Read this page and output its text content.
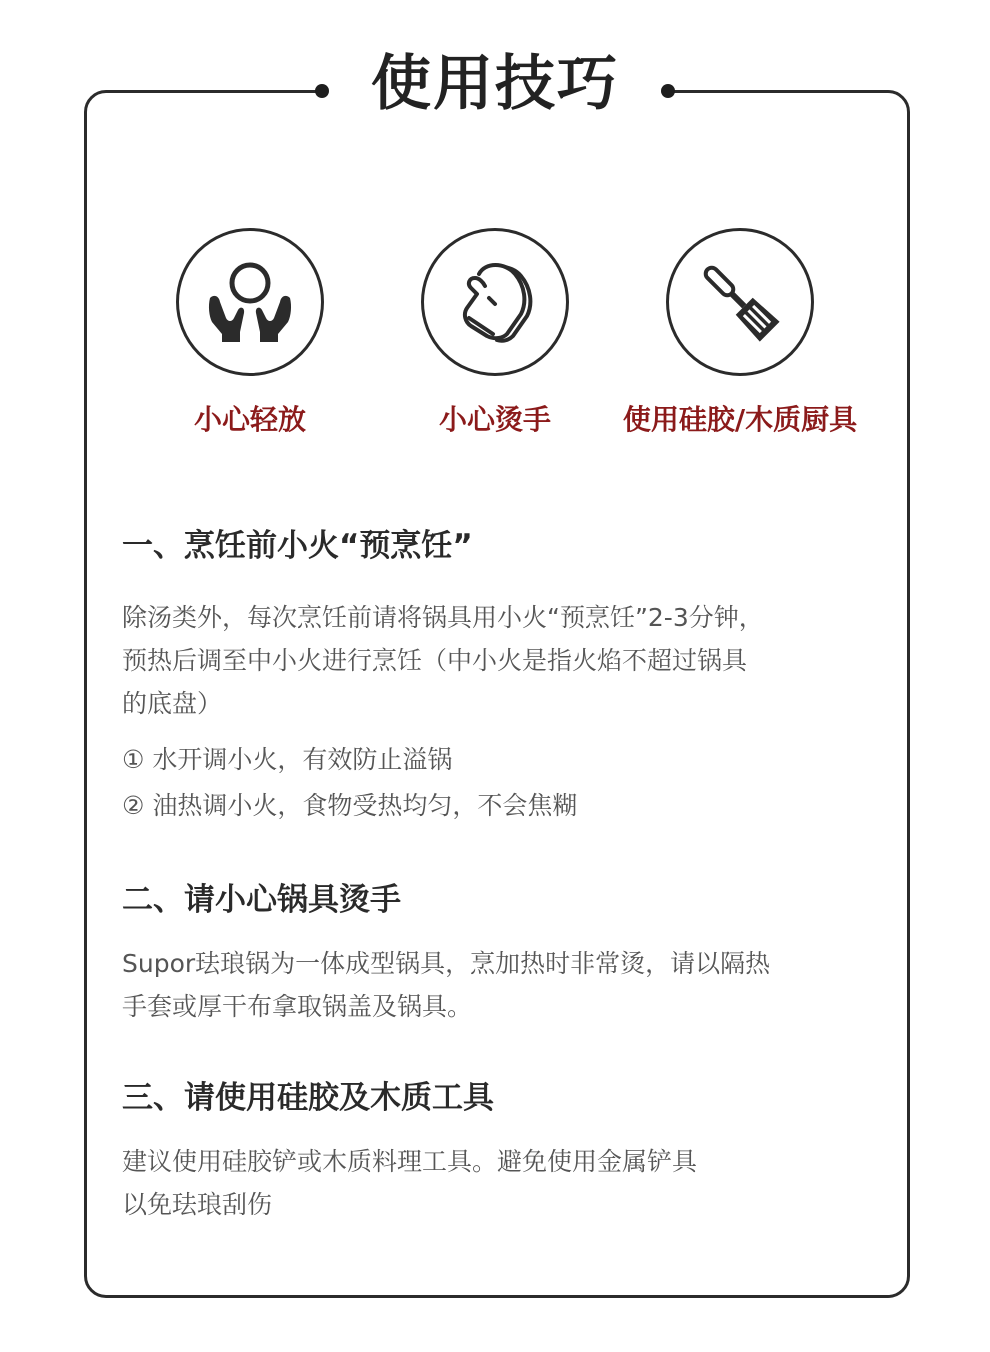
使用技巧
小心轻放	小心烫手	使用硅胶/木质厨具
一、烹饪前小火“预烹饪”

除汤类外，每次烹饪前请将锅具用小火“预烹饪”2-3分钟，

预热后调至中小火进行烹饪（中小火是指火焰不超过锅具

的底盘）

① 水开调小火，有效防止溢锅
② 油热调小火，食物受热均匀，不会焦糊
二、请小心锅具烫手

Supor珐琅锅为一体成型锅具，烹加热时非常烫，请以隔热

手套或厚干布拿取锅盖及锅具。

三、请使用硅胶及木质工具

建议使用硅胶铲或木质料理工具。避免使用金属铲具

以免珐琅刮伤
